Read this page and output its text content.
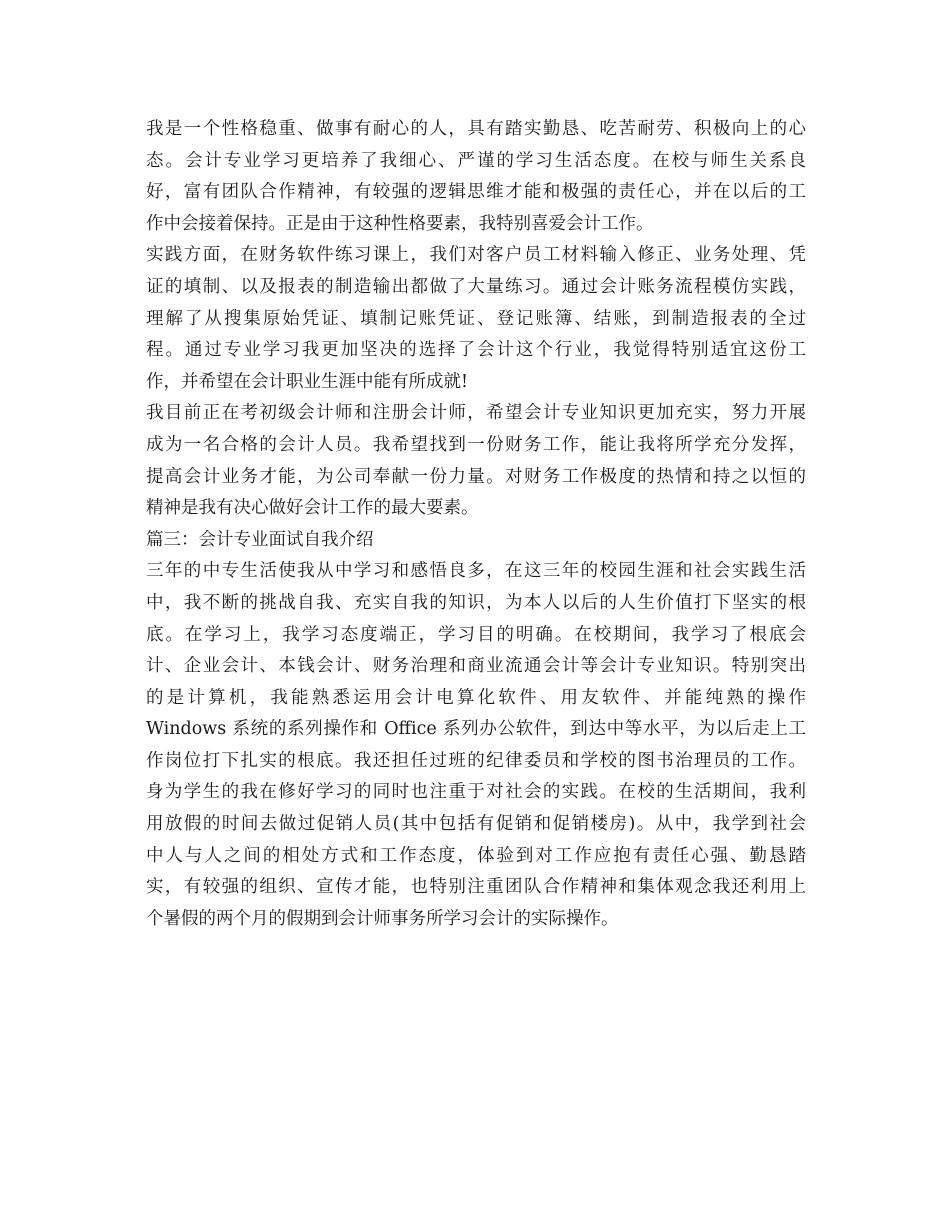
我是一个性格稳重、做事有耐心的人，具有踏实勤恳、吃苦耐劳、积极向上的心
态。会计专业学习更培养了我细心、严谨的学习生活态度。在校与师生关系良
好，富有团队合作精神，有较强的逻辑思维才能和极强的责任心，并在以后的工
作中会接着保持。正是由于这种性格要素，我特别喜爱会计工作。
实践方面，在财务软件练习课上，我们对客户员工材料输入修正、业务处理、凭
证的填制、以及报表的制造输出都做了大量练习。通过会计账务流程模仿实践，
理解了从搜集原始凭证、填制记账凭证、登记账簿、结账，到制造报表的全过
程。通过专业学习我更加坚决的选择了会计这个行业，我觉得特别适宜这份工
作，并希望在会计职业生涯中能有所成就!
我目前正在考初级会计师和注册会计师，希望会计专业知识更加充实，努力开展
成为一名合格的会计人员。我希望找到一份财务工作，能让我将所学充分发挥，
提高会计业务才能，为公司奉献一份力量。对财务工作极度的热情和持之以恒的
精神是我有决心做好会计工作的最大要素。
篇三：会计专业面试自我介绍
三年的中专生活使我从中学习和感悟良多，在这三年的校园生涯和社会实践生活
中，我不断的挑战自我、充实自我的知识，为本人以后的人生价值打下坚实的根
底。在学习上，我学习态度端正，学习目的明确。在校期间，我学习了根底会
计、企业会计、本钱会计、财务治理和商业流通会计等会计专业知识。特别突出
的是计算机，我能熟悉运用会计电算化软件、用友软件、并能纯熟的操作
Windows 系统的系列操作和 Office 系列办公软件，到达中等水平，为以后走上工
作岗位打下扎实的根底。我还担任过班的纪律委员和学校的图书治理员的工作。
身为学生的我在修好学习的同时也注重于对社会的实践。在校的生活期间，我利
用放假的时间去做过促销人员(其中包括有促销和促销楼房)。从中，我学到社会
中人与人之间的相处方式和工作态度，体验到对工作应抱有责任心强、勤恳踏
实，有较强的组织、宣传才能，也特别注重团队合作精神和集体观念我还利用上
个暑假的两个月的假期到会计师事务所学习会计的实际操作。
